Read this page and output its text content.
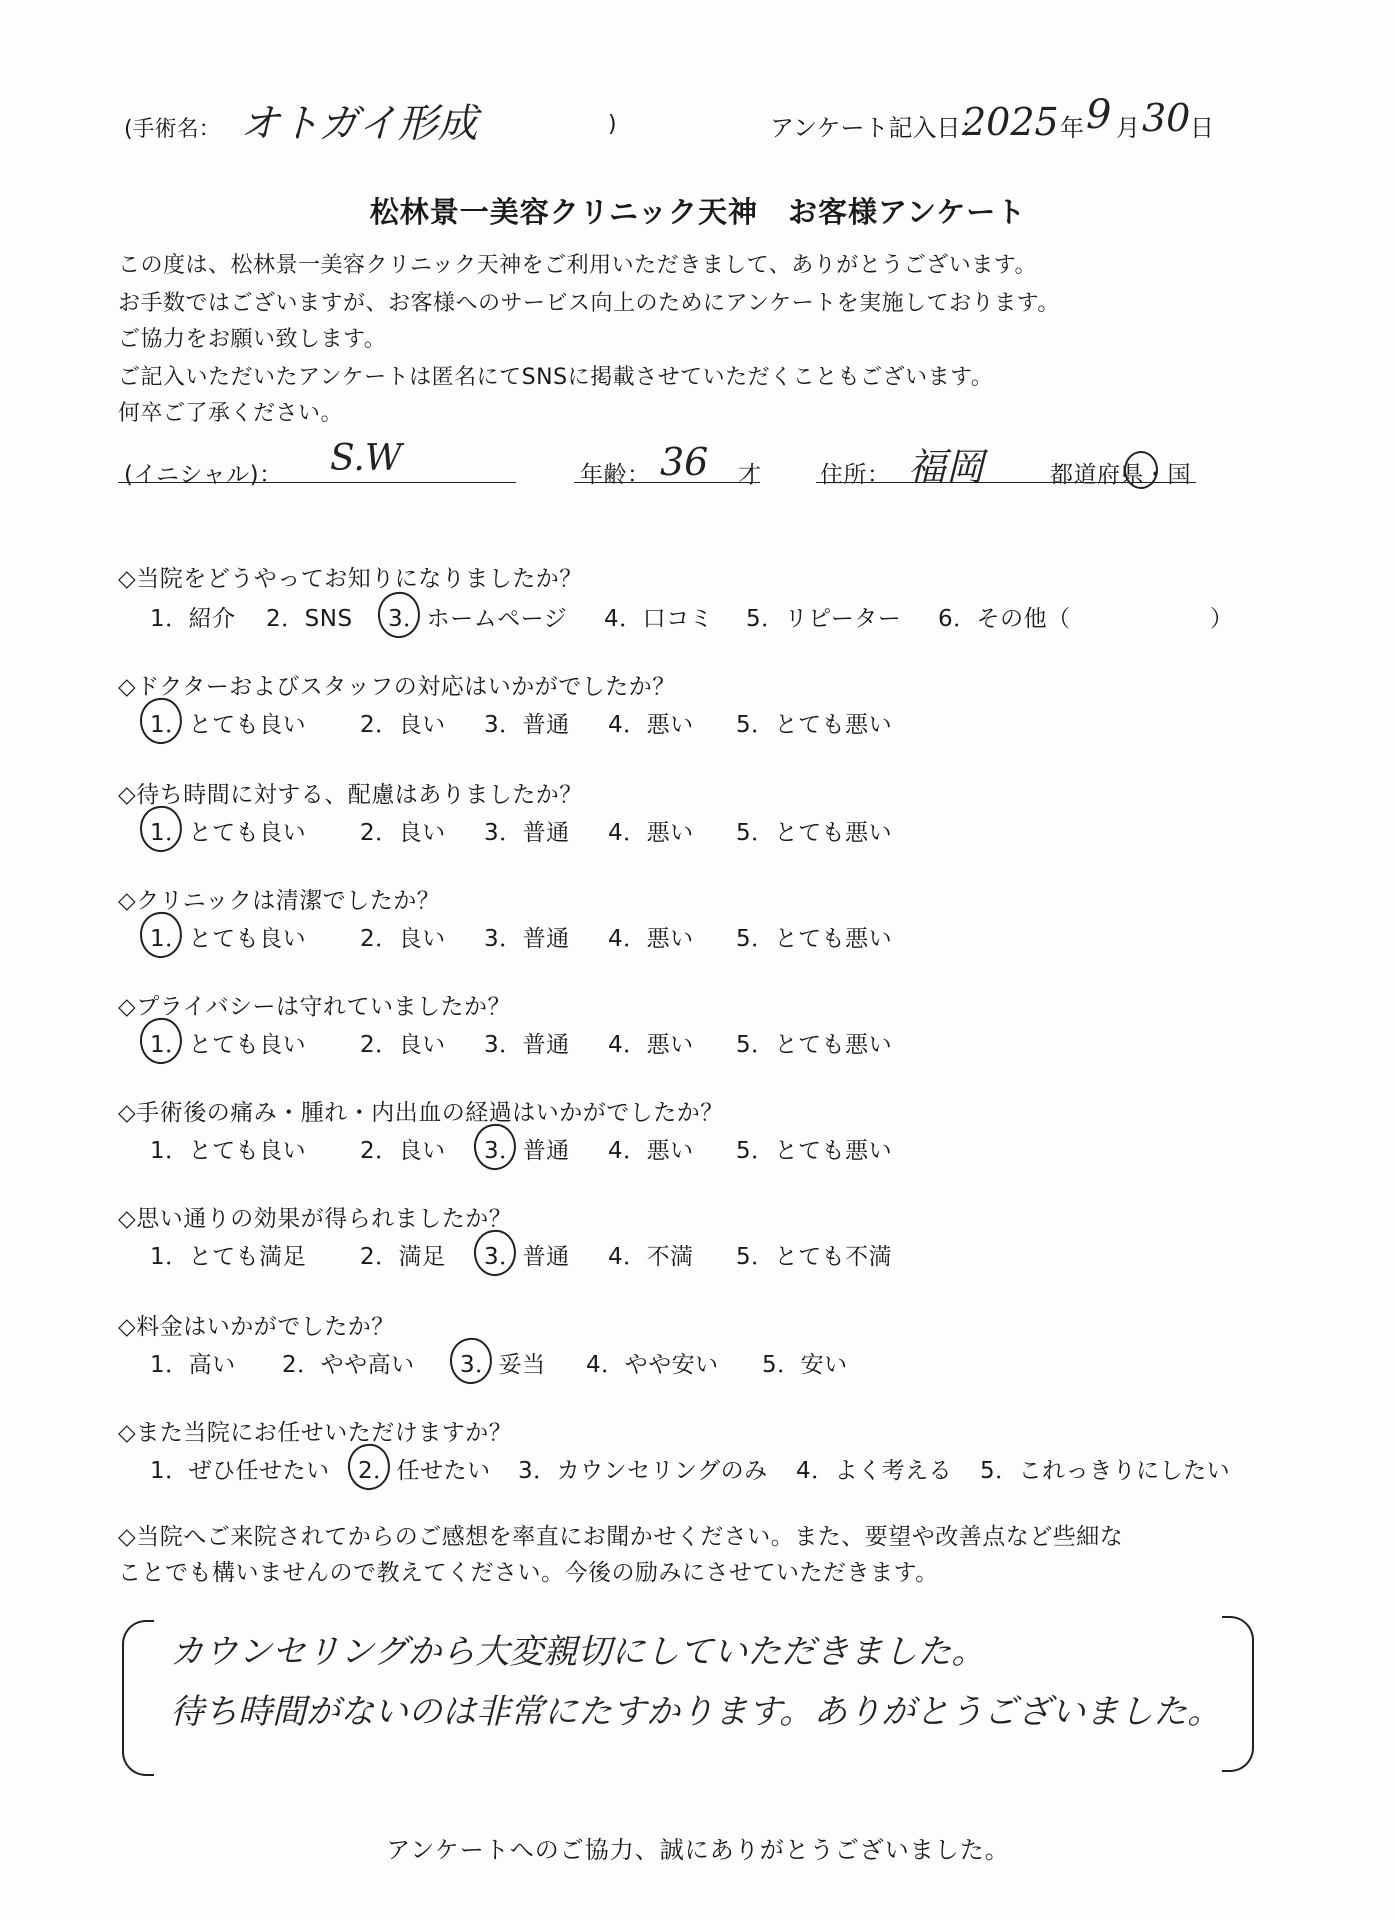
(手術名： オトガイ形成	)	アンケート記入日：
2025 年 9 月 30 日
松林景一美容クリニック天神　お客様アンケート
この度は、松林景一美容クリニック天神をご利用いただきまして、ありがとうございます。
お手数ではございますが、お客様へのサービス向上のためにアンケートを実施しております。
ご協力をお願い致します。
ご記入いただいたアンケートは匿名にてSNSに掲載させていただくこともございます。
何卒ご了承ください。
(イニシャル)： S.W	年齢： 36 才	住所： 福岡	都道府県・国
◇当院をどうやってお知りになりましたか？
1．紹介 2．SNS 3．ホームページ 4．口コミ 5．リピーター 6．その他（	）
◇ドクターおよびスタッフの対応はいかがでしたか？
1．とても良い 2．良い 3．普通 4．悪い 5．とても悪い
◇待ち時間に対する、配慮はありましたか？
1．とても良い 2．良い 3．普通 4．悪い 5．とても悪い
◇クリニックは清潔でしたか？
1．とても良い 2．良い 3．普通 4．悪い 5．とても悪い
◇プライバシーは守れていましたか？
1．とても良い 2．良い 3．普通 4．悪い 5．とても悪い
◇手術後の痛み・腫れ・内出血の経過はいかがでしたか？
1．とても良い 2．良い 3．普通 4．悪い 5．とても悪い
◇思い通りの効果が得られましたか？
1．とても満足 2．満足 3．普通 4．不満 5．とても不満
◇料金はいかがでしたか？
1．高い 2．やや高い 3．妥当 4．やや安い 5．安い
◇また当院にお任せいただけますか？
1．ぜひ任せたい 2．任せたい 3．カウンセリングのみ 4．よく考える 5．これっきりにしたい
◇当院へご来院されてからのご感想を率直にお聞かせください。また、要望や改善点など些細な
ことでも構いませんので教えてください。今後の励みにさせていただきます。
カウンセリングから大変親切にしていただきました。
待ち時間がないのは非常にたすかります。ありがとうございました。
アンケートへのご協力、誠にありがとうございました。
